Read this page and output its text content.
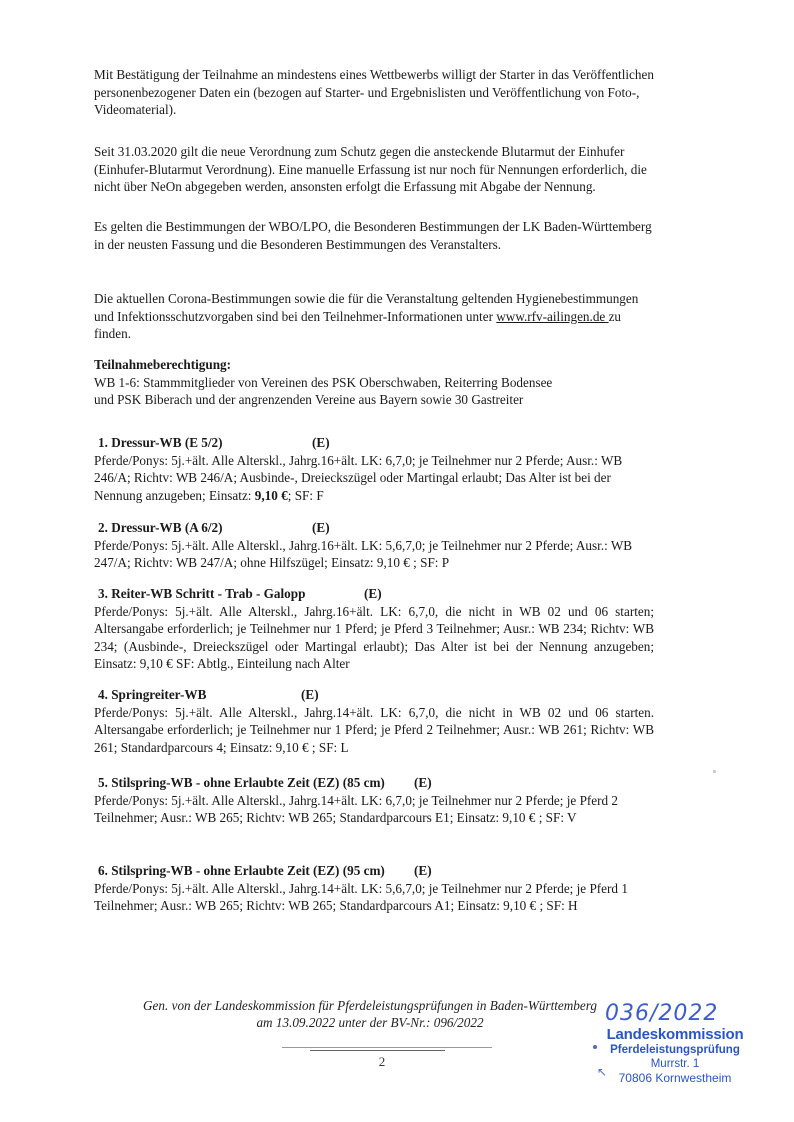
Mit Bestätigung der Teilnahme an mindestens eines Wettbewerbs willigt der Starter in das Veröffentlichen personenbezogener Daten ein (bezogen auf Starter- und Ergebnislisten und Veröffentlichung von Foto-, Videomaterial).

Seit 31.03.2020 gilt die neue Verordnung zum Schutz gegen die ansteckende Blutarmut der Einhufer (Einhufer-Blutarmut Verordnung). Eine manuelle Erfassung ist nur noch für Nennungen erforderlich, die nicht über NeOn abgegeben werden, ansonsten erfolgt die Erfassung mit Abgabe der Nennung.

Es gelten die Bestimmungen der WBO/LPO, die Besonderen Bestimmungen der LK Baden-Württemberg in der neusten Fassung und die Besonderen Bestimmungen des Veranstalters.

Die aktuellen Corona-Bestimmungen sowie die für die Veranstaltung geltenden Hygienebestimmungen und Infektionsschutzvorgaben sind bei den Teilnehmer-Informationen unter www.rfv-ailingen.de zu finden.

Teilnahmeberechtigung:

WB 1-6: Stammmitglieder von Vereinen des PSK Oberschwaben, Reiterring Bodensee und PSK Biberach und der angrenzenden Vereine aus Bayern sowie 30 Gastreiter

1. Dressur-WB (E 5/2)	(E)

Pferde/Ponys: 5j.+ält. Alle Alterskl., Jahrg.16+ält. LK: 6,7,0; je Teilnehmer nur 2 Pferde; Ausr.: WB 246/A; Richtv: WB 246/A; Ausbinde-, Dreieckszügel oder Martingal erlaubt; Das Alter ist bei der Nennung anzugeben; Einsatz: 9,10 €; SF: F

2. Dressur-WB (A 6/2)	(E)

Pferde/Ponys: 5j.+ält. Alle Alterskl., Jahrg.16+ält. LK: 5,6,7,0; je Teilnehmer nur 2 Pferde; Ausr.: WB 247/A; Richtv: WB 247/A; ohne Hilfszügel; Einsatz: 9,10 € ; SF: P

3. Reiter-WB Schritt - Trab - Galopp	(E)

Pferde/Ponys: 5j.+ält. Alle Alterskl., Jahrg.16+ält. LK: 6,7,0, die nicht in WB 02 und 06 starten; Altersangabe erforderlich; je Teilnehmer nur 1 Pferd; je Pferd 3 Teilnehmer; Ausr.: WB 234; Richtv: WB 234; (Ausbinde-, Dreieckszügel oder Martingal erlaubt); Das Alter ist bei der Nennung anzugeben; Einsatz: 9,10 € SF: Abtlg., Einteilung nach Alter

4. Springreiter-WB	(E)

Pferde/Ponys: 5j.+ält. Alle Alterskl., Jahrg.14+ält. LK: 6,7,0, die nicht in WB 02 und 06 starten. Altersangabe erforderlich; je Teilnehmer nur 1 Pferd; je Pferd 2 Teilnehmer; Ausr.: WB 261; Richtv: WB 261; Standardparcours 4; Einsatz: 9,10 € ; SF: L

5. Stilspring-WB - ohne Erlaubte Zeit (EZ) (85 cm) (E)

Pferde/Ponys: 5j.+ält. Alle Alterskl., Jahrg.14+ält. LK: 6,7,0; je Teilnehmer nur 2 Pferde; je Pferd 2 Teilnehmer; Ausr.: WB 265; Richtv: WB 265; Standardparcours E1; Einsatz: 9,10 € ; SF: V

6. Stilspring-WB - ohne Erlaubte Zeit (EZ) (95 cm) (E)

Pferde/Ponys: 5j.+ält. Alle Alterskl., Jahrg.14+ält. LK: 5,6,7,0; je Teilnehmer nur 2 Pferde; je Pferd 1 Teilnehmer; Ausr.: WB 265; Richtv: WB 265; Standardparcours A1; Einsatz: 9,10 € ; SF: H

Gen. von der Landeskommission für Pferdeleistungsprüfungen in Baden-Württemberg

am 13.09.2022 unter der BV-Nr.: 096/2022

2
↖
036/2022
Landeskommission
Pferdeleistungsprüfung
Murrstr. 1
70806 Kornwestheim
